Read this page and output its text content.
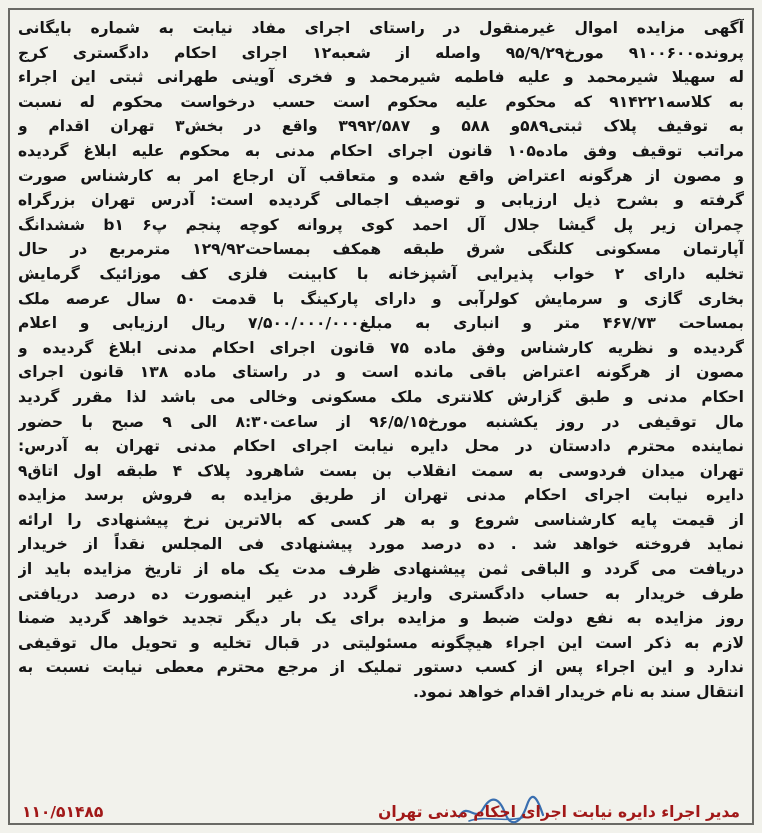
آگهی مزایده اموال غیرمنقول در راستای اجرای مفاد نیابت به شماره بایگانی
پرونده۹۱۰۰۶۰۰ مورخ۹۵/۹/۲۹ واصله از شعبه۱۲ اجرای احکام دادگستری کرج
له سهیلا شیرمحمد و علیه فاطمه شیرمحمد و فخری آوینی طهرانی ثبتی این اجراء
به کلاسه۹۱۴۲۲۱ که محکوم علیه محکوم است حسب درخواست محکوم له نسبت
به توقیف پلاک ثبتی۵۸۹و ۵۸۸ و ۳۹۹۲/۵۸۷ واقع در بخش۳ تهران اقدام و
مراتب توقیف وفق ماده۱۰۵ قانون اجرای احکام مدنی به محکوم علیه ابلاغ گردیده
و مصون از هرگونه اعتراض واقع شده و متعاقب آن ارجاع امر به کارشناس صورت
گرفته و بشرح ذیل ارزیابی و توصیف اجمالی گردیده است: آدرس تهران بزرگراه
چمران زیر پل گیشا جلال آل احمد کوی پروانه کوچه پنجم پ۶ b۱ ششدانگ
آپارتمان مسکونی کلنگی شرق طبقه همکف بمساحت۱۲۹/۹۲ مترمربع در حال
تخلیه دارای ۲ خواب پذیرایی آشپزخانه با کابینت فلزی کف موزائیک گرمایش
بخاری گازی و سرمایش کولرآبی و دارای پارکینگ با قدمت ۵۰ سال عرصه ملک
بمساحت ۴۶۷/۷۳ متر و انباری به مبلغ۷/۵۰۰/۰۰۰/۰۰۰ ریال ارزیابی و اعلام
گردیده و نظریه کارشناس وفق ماده ۷۵ قانون اجرای احکام مدنی ابلاغ گردیده و
مصون از هرگونه اعتراض باقی مانده است و در راستای ماده ۱۳۸ قانون اجرای
احکام مدنی و طبق گزارش کلانتری ملک مسکونی وخالی می باشد لذا مقرر گردید
مال توقیفی در روز یکشنبه مورخ۹۶/۵/۱۵ از ساعت۸:۳۰ الی ۹ صبح با حضور
نماینده محترم دادستان در محل دایره نیابت اجرای احکام مدنی تهران به آدرس:
تهران میدان فردوسی به سمت انقلاب بن بست شاهرود پلاک ۴ طبقه اول اتاق۹
دایره نیابت اجرای احکام مدنی تهران از طریق مزایده به فروش برسد مزایده
از قیمت پایه کارشناسی شروع و به هر کسی که بالاترین نرخ پیشنهادی را ارائه
نماید فروخته خواهد شد . ده درصد مورد پیشنهادی فی المجلس نقداً از خریدار
دریافت می گردد و الباقی ثمن پیشنهادی ظرف مدت یک ماه از تاریخ مزایده باید از
طرف خریدار به حساب دادگستری واریز گردد در غیر اینصورت ده درصد دریافتی
روز مزایده به نفع دولت ضبط و مزایده برای یک بار دیگر تجدید خواهد گردید ضمنا
لازم به ذکر است این اجراء هیچگونه مسئولیتی در قبال تخلیه و تحویل مال توقیفی
ندارد و این اجراء پس از کسب دستور تملیک از مرجع محترم معطی نیابت نسبت به
انتقال سند به نام خریدار اقدام خواهد نمود.
مدیر اجراء دایره نیابت اجرای احکام مدنی تهران
۱۱۰/۵۱۴۸۵
